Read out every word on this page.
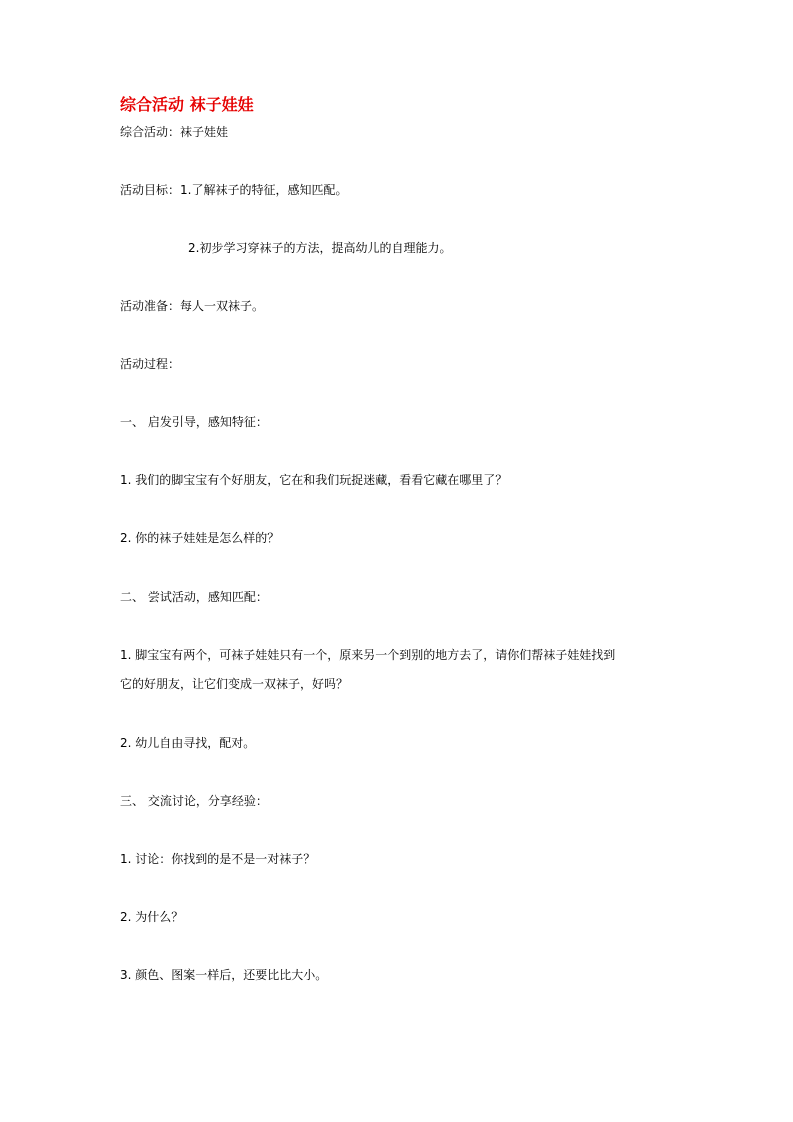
综合活动 袜子娃娃
综合活动：袜子娃娃
活动目标：1.了解袜子的特征，感知匹配。
2.初步学习穿袜子的方法，提高幼儿的自理能力。
活动准备：每人一双袜子。
活动过程：
一、 启发引导，感知特征：
1. 我们的脚宝宝有个好朋友，它在和我们玩捉迷藏，看看它藏在哪里了？
2. 你的袜子娃娃是怎么样的？
二、 尝试活动，感知匹配：
1. 脚宝宝有两个，可袜子娃娃只有一个，原来另一个到别的地方去了，请你们帮袜子娃娃找到
它的好朋友，让它们变成一双袜子，好吗？
2. 幼儿自由寻找，配对。
三、 交流讨论，分享经验：
1. 讨论：你找到的是不是一对袜子？
2. 为什么？
3. 颜色、图案一样后，还要比比大小。
